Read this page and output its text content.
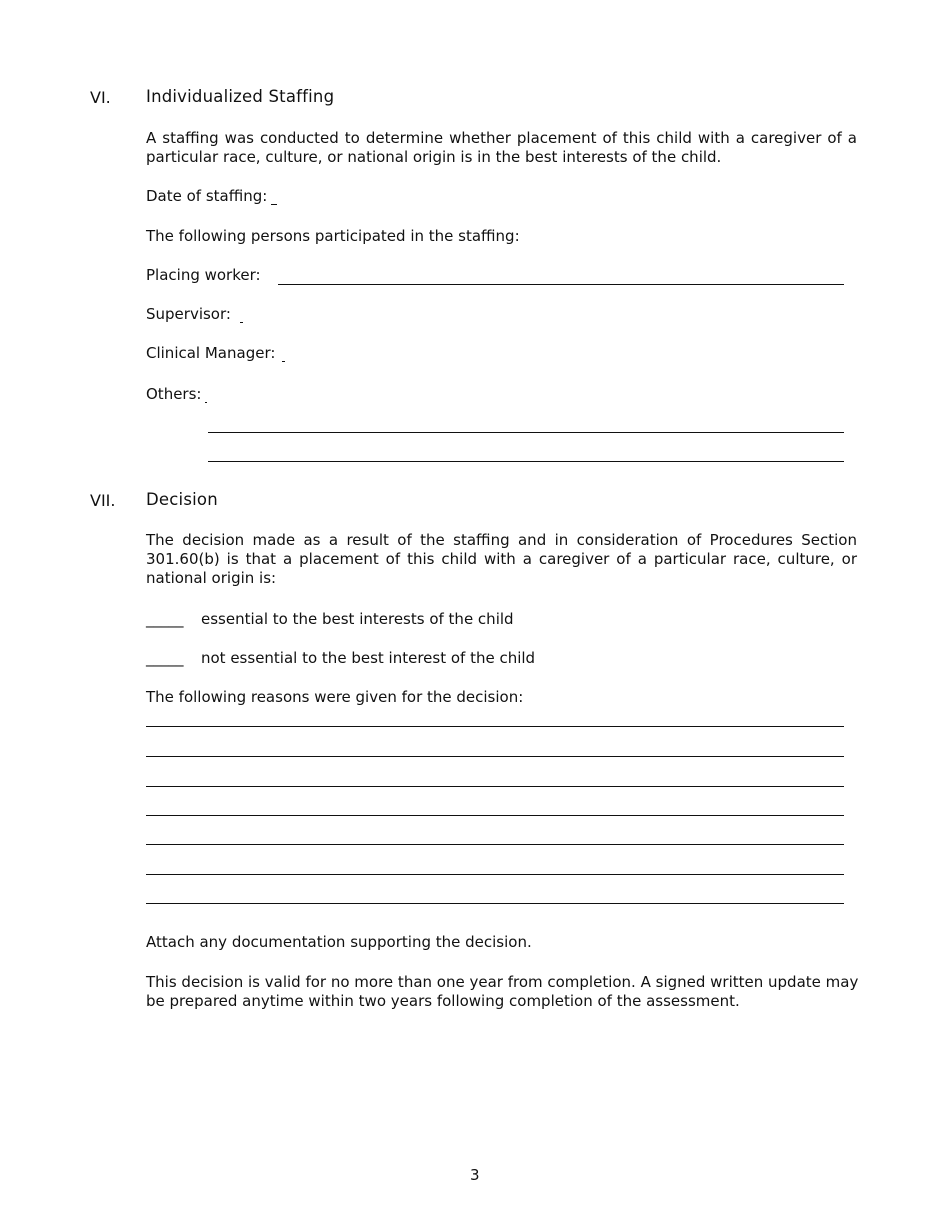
VI. Individualized Staffing
A staffing was conducted to determine whether placement of this child with a caregiver of a particular race, culture, or national origin is in the best interests of the child.
Date of staffing:
The following persons participated in the staffing:
Placing worker:
Supervisor:
Clinical Manager:
Others:
VII. Decision
The decision made as a result of the staffing and in consideration of Procedures Section 301.60(b) is that a placement of this child with a caregiver of a particular race, culture, or national origin is:
_____ essential to the best interests of the child
_____ not essential to the best interest of the child
The following reasons were given for the decision:
Attach any documentation supporting the decision.
This decision is valid for no more than one year from completion. A signed written update may be prepared anytime within two years following completion of the assessment.
3
